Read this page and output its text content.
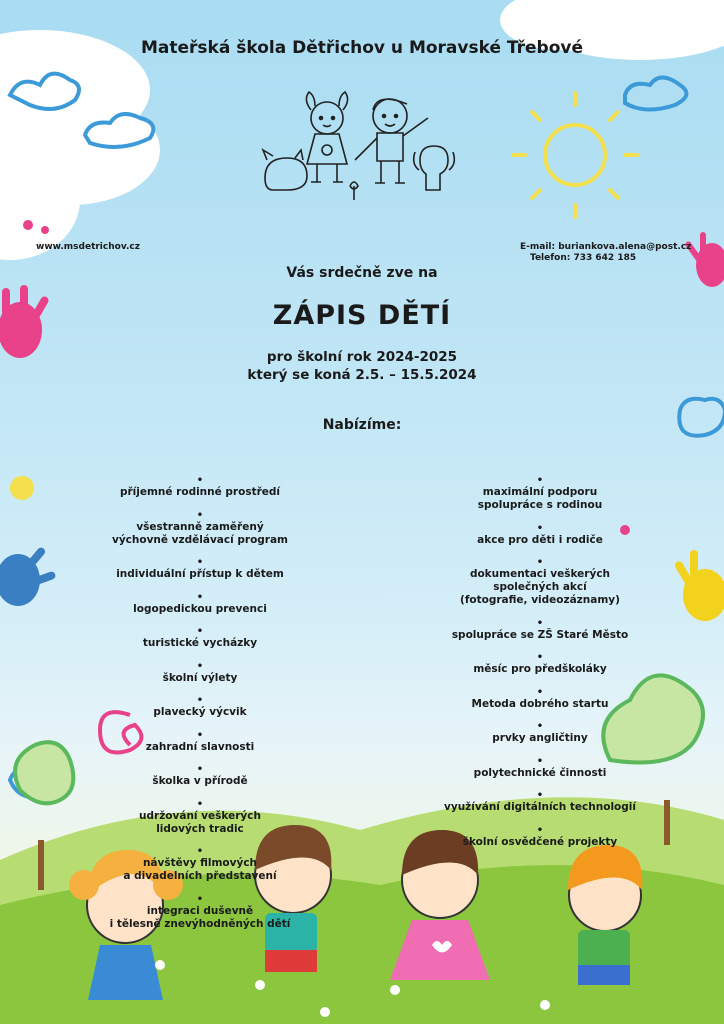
Mateřská škola Dětřichov u Moravské Třebové
www.msdetrichov.cz	E-mail: buriankova.alena@post.cz
Telefon: 733 642 185
Vás srdečně zve na
ZÁPIS DĚTÍ
pro školní rok 2024-2025
který se koná 2.5. – 15.5.2024
Nabízíme:
• příjemné rodinné prostředí
• všestranně zaměřený
výchovně vzdělávací program
• individuální přístup k dětem
• logopedickou prevenci
• turistické vycházky
• školní výlety
• plavecký výcvik
• zahradní slavnosti
• školka v přírodě
• udržování veškerých
lidových tradic
• návštěvy filmových
a divadelních představení
• integraci duševně
i tělesně znevýhodněných dětí
• maximální podporu
spolupráce s rodinou
• akce pro děti i rodiče
• dokumentaci veškerých
společných akcí
(fotografie, videozáznamy)
• spolupráce se ZŠ Staré Město
• měsíc pro předškoláky
• Metoda dobrého startu
• prvky angličtiny
• polytechnické činnosti
• využívání digitálních technologií
• školní osvědčené projekty
